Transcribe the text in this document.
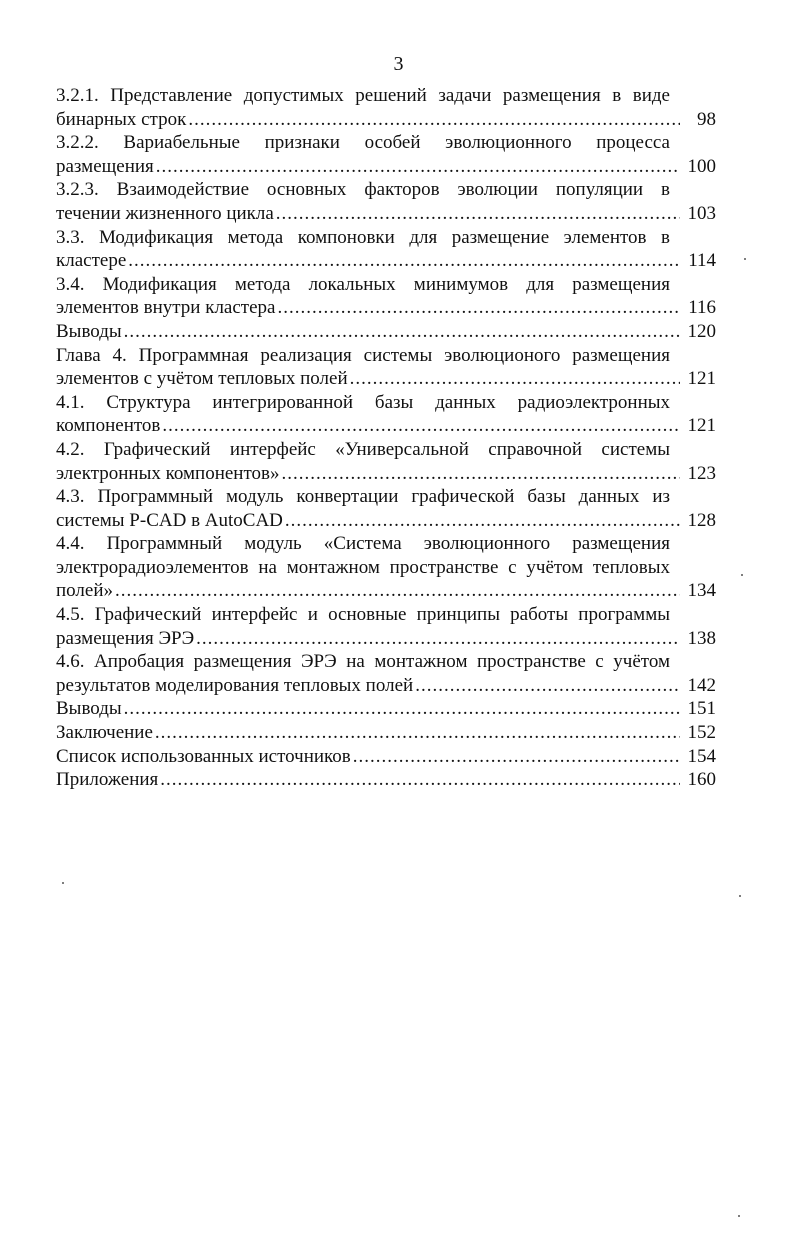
3
3.2.1. Представление допустимых решений задачи размещения в виде
бинарных строк .....	98
3.2.2. Вариабельные признаки особей эволюционного процесса
размещения .....	100
3.2.3. Взаимодействие основных факторов эволюции популяции в
течении жизненного цикла .....	103
3.3. Модификация метода компоновки для размещение элементов в
кластере .....	114
3.4. Модификация метода локальных минимумов для размещения
элементов внутри кластера .....	116
Выводы .....	120
Глава 4. Программная реализация системы эволюционого размещения
элементов с учётом тепловых полей .....	121
4.1. Структура интегрированной базы данных радиоэлектронных
компонентов .....	121
4.2. Графический интерфейс «Универсальной справочной системы
электронных компонентов» .....	123
4.3. Программный модуль конвертации графической базы данных из
системы P-CAD в AutoCAD .....	128
4.4. Программный модуль «Система эволюционного размещения
электрорадиоэлементов на монтажном пространстве с учётом тепловых
полей» .....	134
4.5. Графический интерфейс и основные принципы работы программы
размещения ЭРЭ .....	138
4.6. Апробация размещения ЭРЭ на монтажном пространстве с учётом
результатов моделирования тепловых полей .....	142
Выводы .....	151
Заключение .....	152
Список использованных источников .....	154
Приложения .....	160
